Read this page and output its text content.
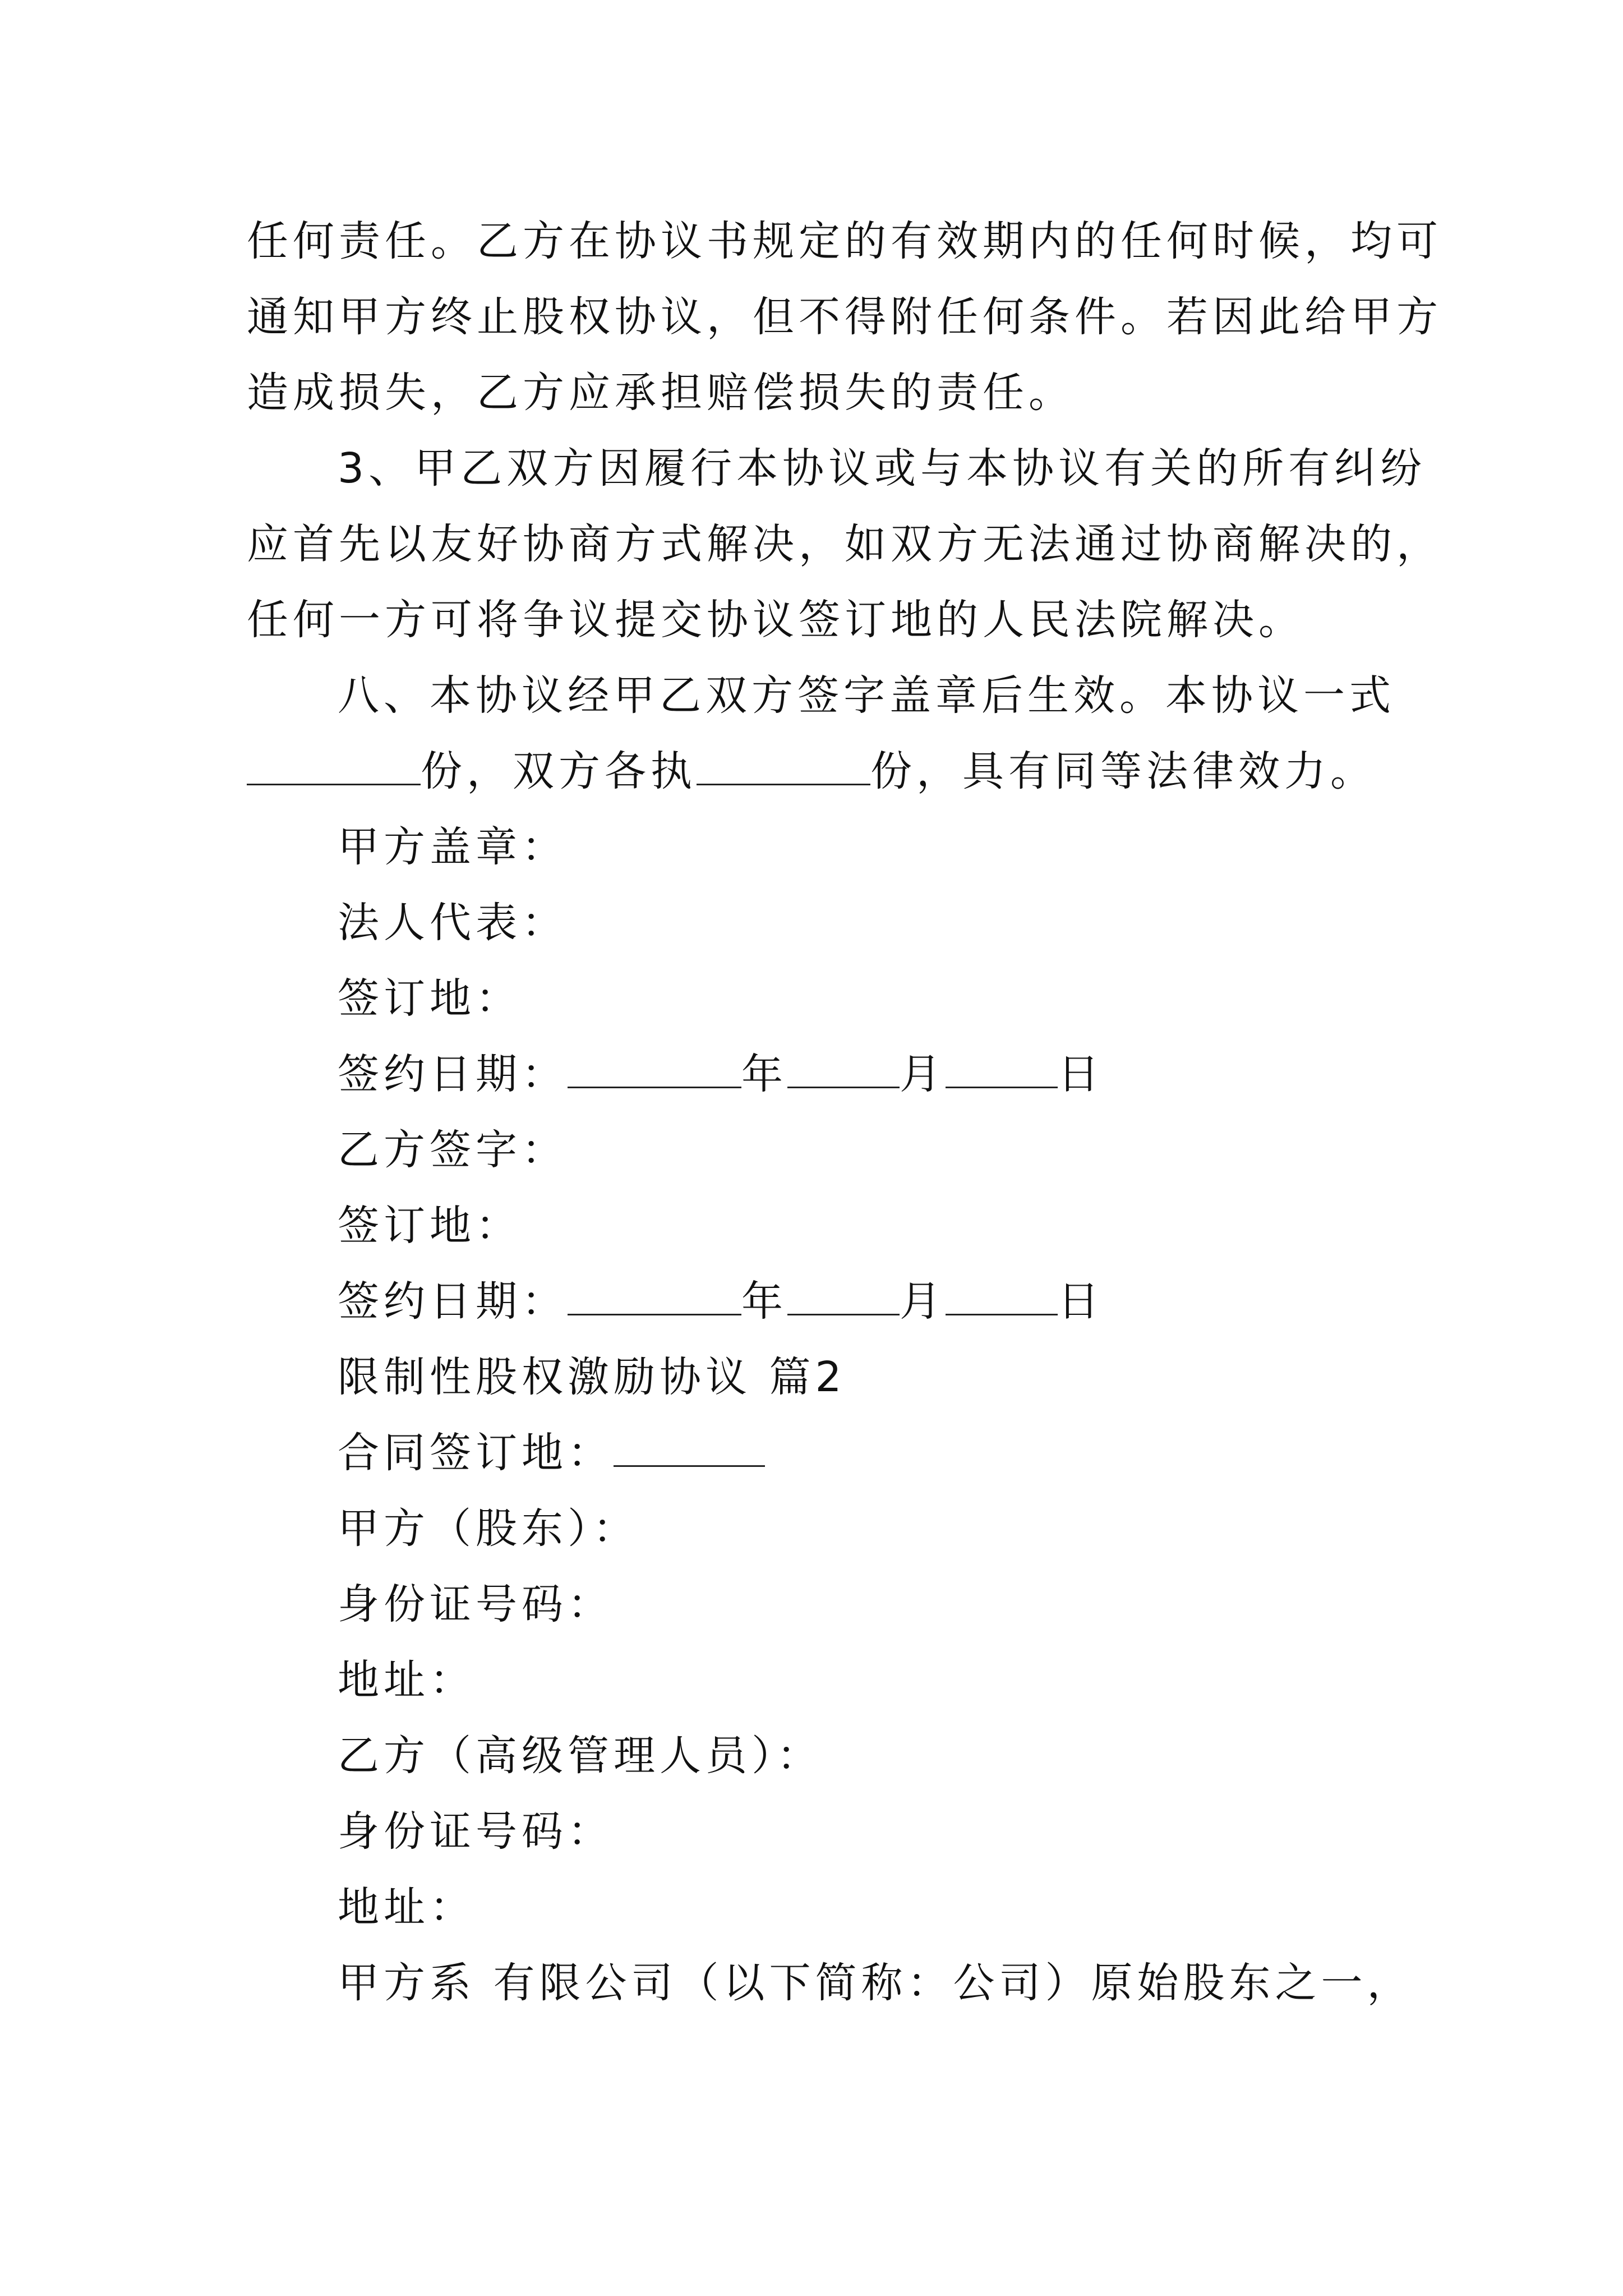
任何责任。乙方在协议书规定的有效期内的任何时候，均可
通知甲方终止股权协议，但不得附任何条件。若因此给甲方
造成损失，乙方应承担赔偿损失的责任。
3、甲乙双方因履行本协议或与本协议有关的所有纠纷
应首先以友好协商方式解决，如双方无法通过协商解决的，
任何一方可将争议提交协议签订地的人民法院解决。
八、本协议经甲乙双方签字盖章后生效。本协议一式
份，双方各执	份，具有同等法律效力。
甲方盖章：
法人代表：
签订地：
签约日期：	年	月	日
乙方签字：
签订地：
签约日期：	年	月	日
限制性股权激励协议 篇2
合同签订地：
甲方（股东）：
身份证号码：
地址：
乙方（高级管理人员）：
身份证号码：
地址：
甲方系 有限公司（以下简称：公司）原始股东之一，
